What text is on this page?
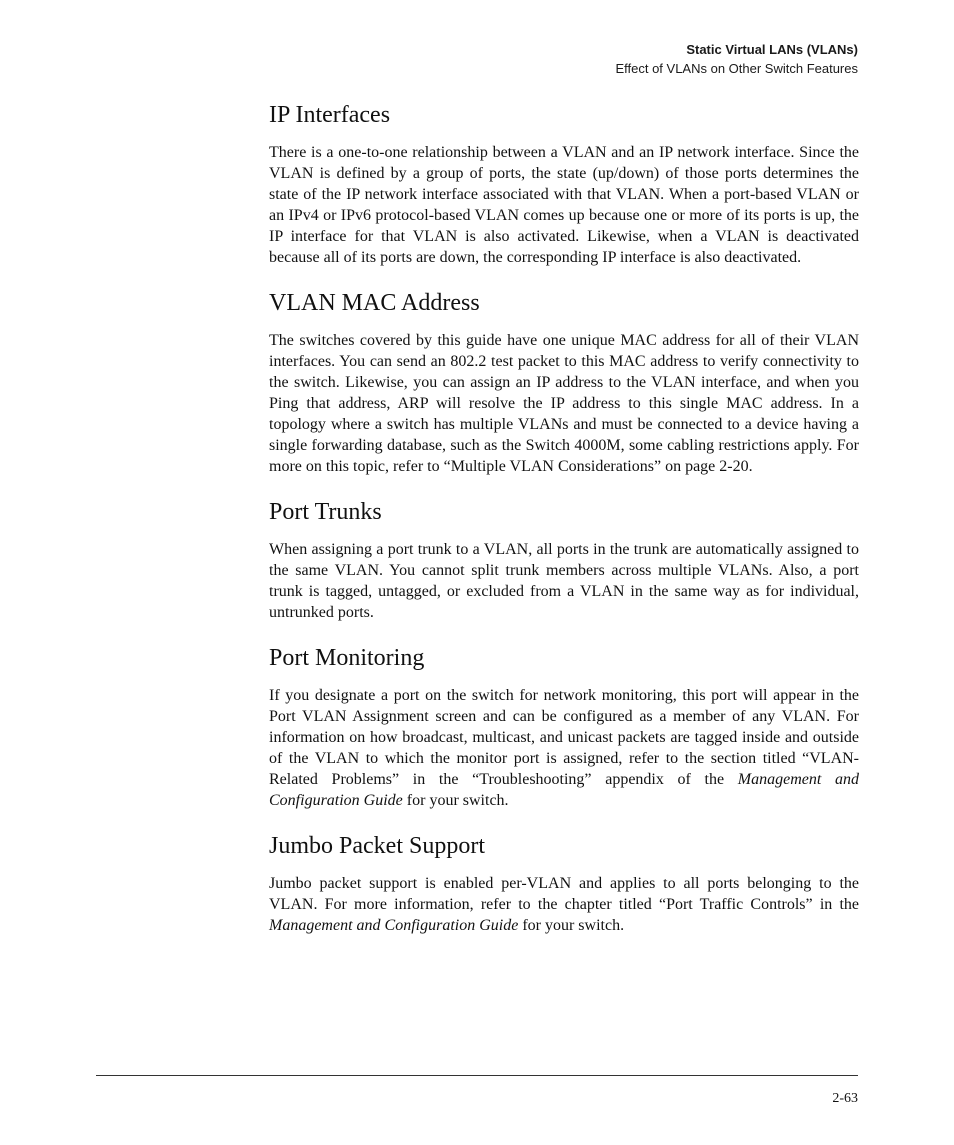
Static Virtual LANs (VLANs)
Effect of VLANs on Other Switch Features
IP Interfaces

There is a one-to-one relationship between a VLAN and an IP network interface. Since the VLAN is defined by a group of ports, the state (up/down) of those ports determines the state of the IP network interface associated with that VLAN. When a port-based VLAN or an IPv4 or IPv6 protocol-based VLAN comes up because one or more of its ports is up, the IP interface for that VLAN is also activated. Likewise, when a VLAN is deactivated because all of its ports are down, the corresponding IP interface is also deactivated.

VLAN MAC Address

The switches covered by this guide have one unique MAC address for all of their VLAN interfaces. You can send an 802.2 test packet to this MAC address to verify connectivity to the switch. Likewise, you can assign an IP address to the VLAN interface, and when you Ping that address, ARP will resolve the IP address to this single MAC address. In a topology where a switch has multiple VLANs and must be connected to a device having a single forwarding database, such as the Switch 4000M, some cabling restrictions apply. For more on this topic, refer to “Multiple VLAN Considerations” on page 2-20.

Port Trunks

When assigning a port trunk to a VLAN, all ports in the trunk are automatically assigned to the same VLAN. You cannot split trunk members across multiple VLANs. Also, a port trunk is tagged, untagged, or excluded from a VLAN in the same way as for individual, untrunked ports.

Port Monitoring

If you designate a port on the switch for network monitoring, this port will appear in the Port VLAN Assignment screen and can be configured as a member of any VLAN. For information on how broadcast, multicast, and unicast packets are tagged inside and outside of the VLAN to which the monitor port is assigned, refer to the section titled “VLAN-Related Problems” in the “Troubleshooting” appendix of the Management and Configuration Guide for your switch.

Jumbo Packet Support

Jumbo packet support is enabled per-VLAN and applies to all ports belonging to the VLAN. For more information, refer to the chapter titled “Port Traffic Controls” in the Management and Configuration Guide for your switch.

2-63
